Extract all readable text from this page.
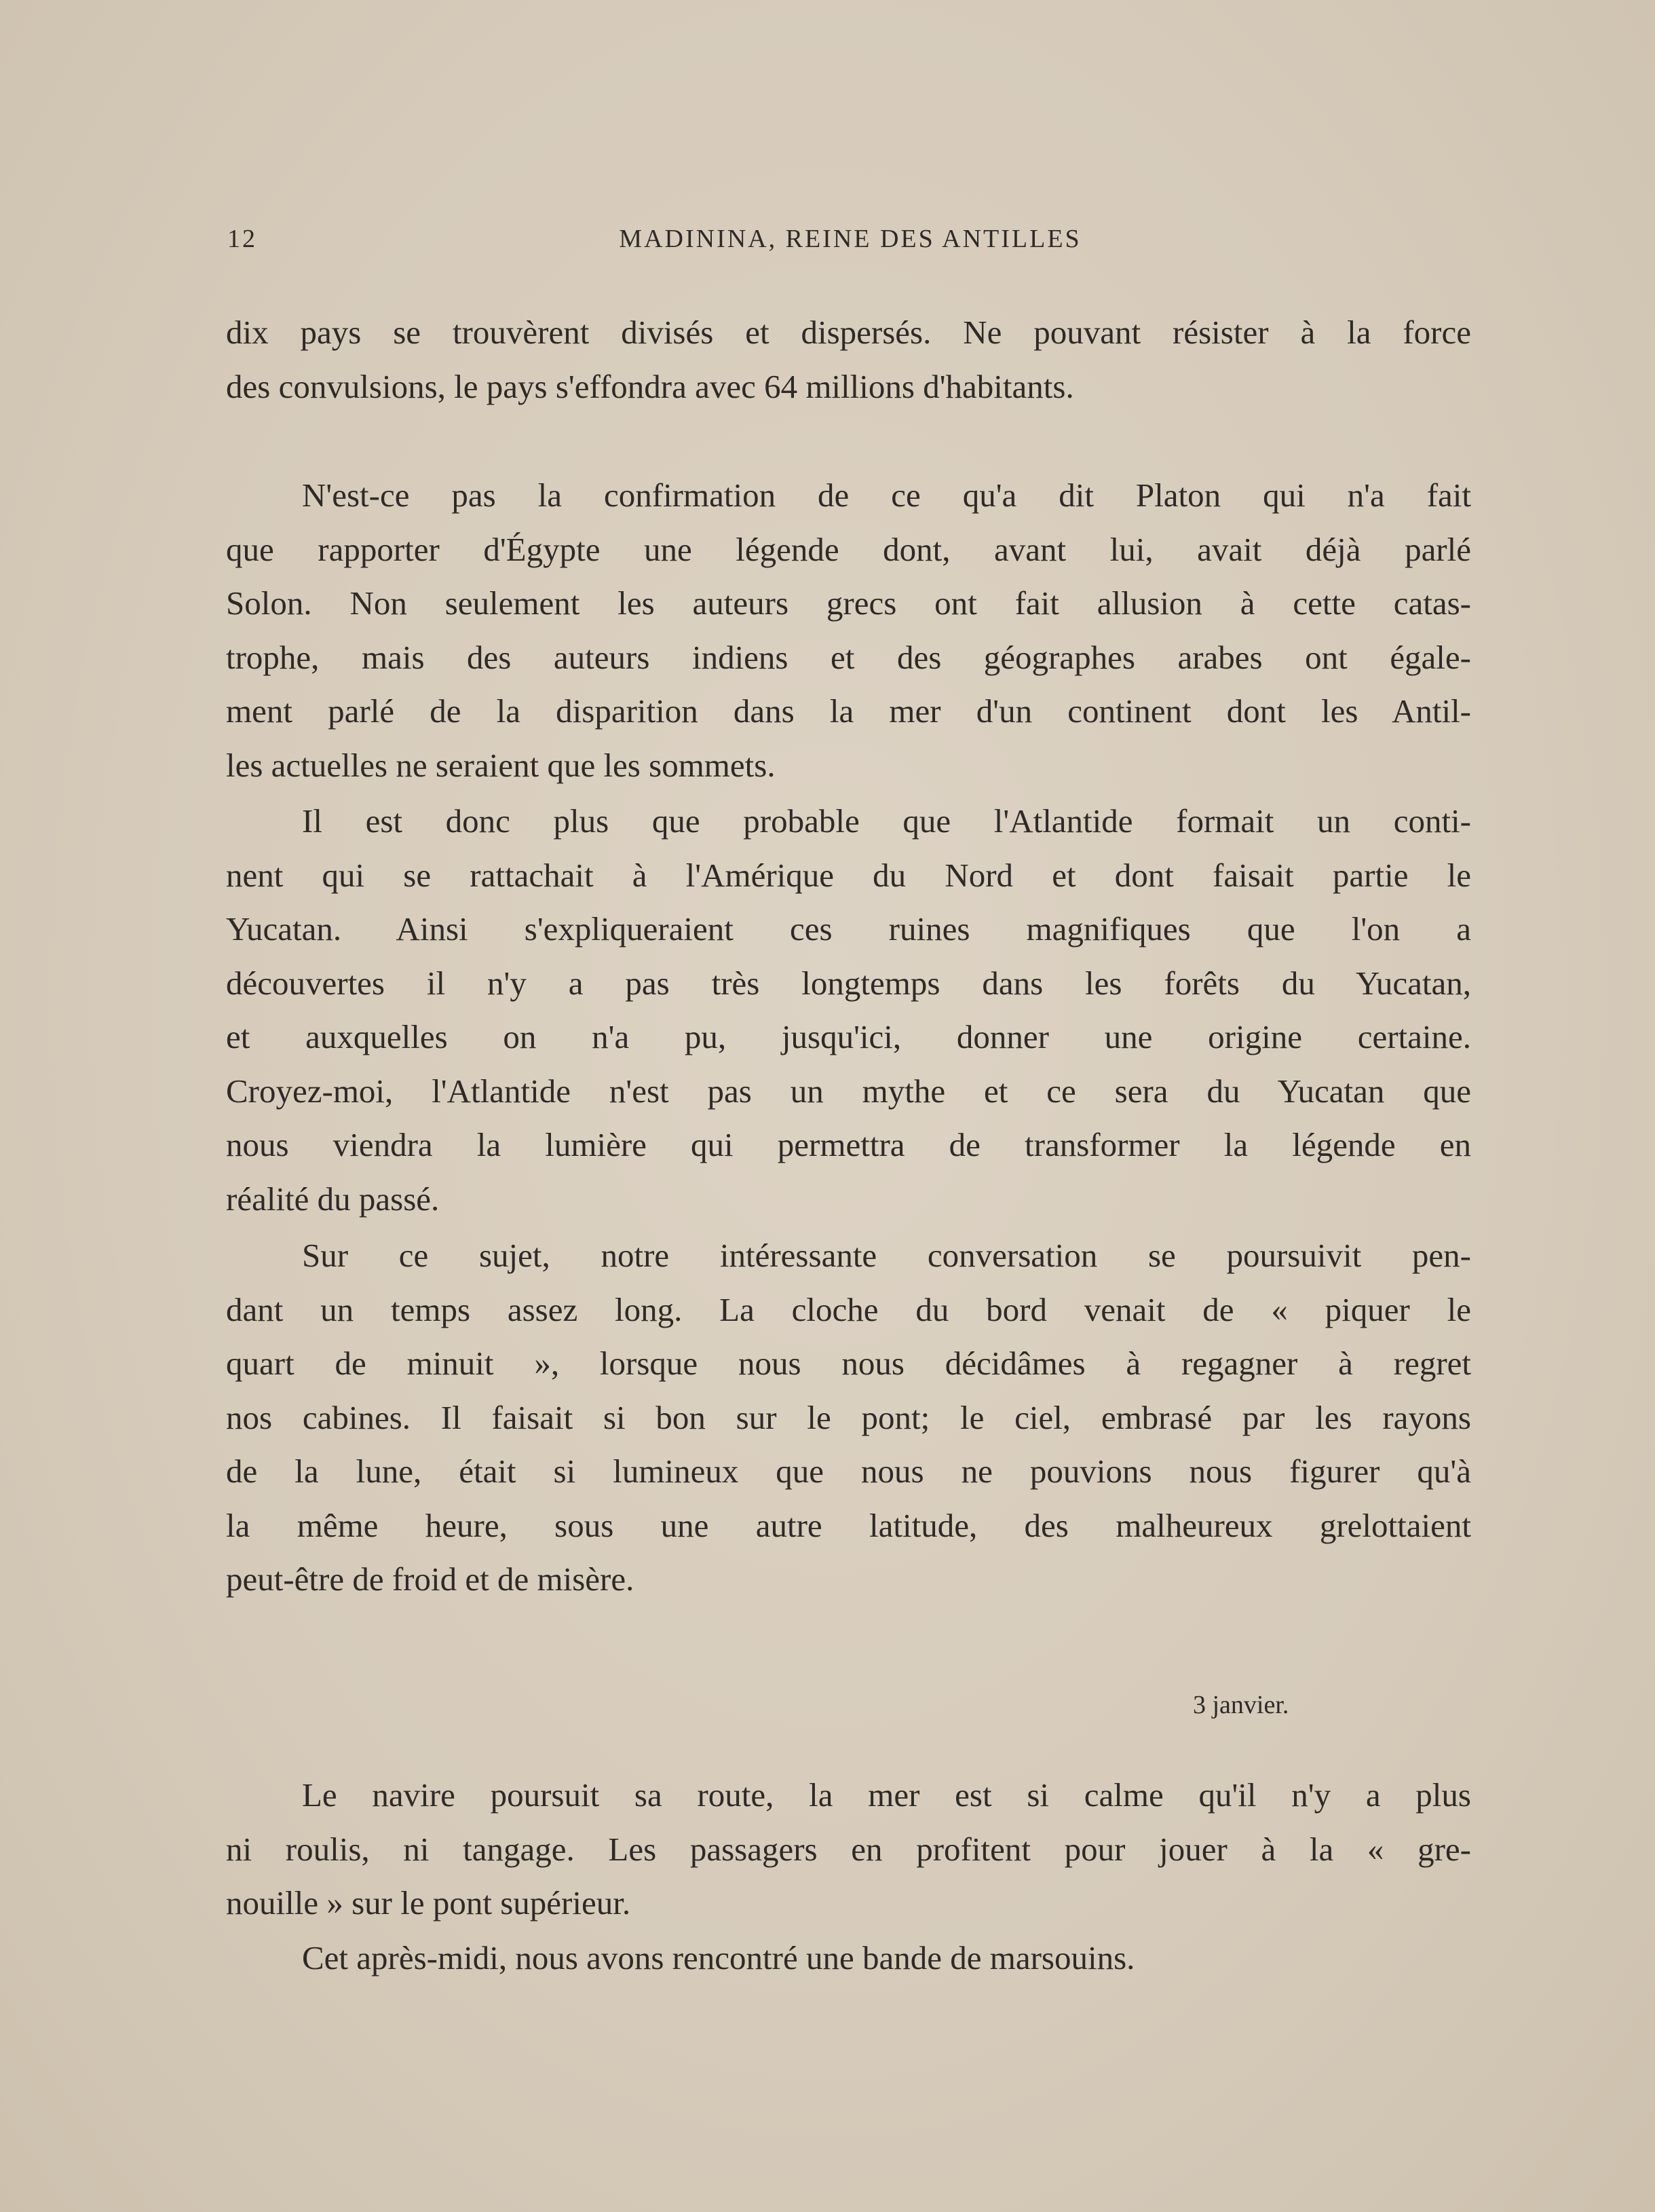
12	MADININA, REINE DES ANTILLES
dix pays se trouvèrent divisés et dispersés. Ne pouvant résister à la force
des convulsions, le pays s'effondra avec 64 millions d'habitants.
N'est-ce pas la confirmation de ce qu'a dit Platon qui n'a fait
que rapporter d'Égypte une légende dont, avant lui, avait déjà parlé
Solon. Non seulement les auteurs grecs ont fait allusion à cette catas-
trophe, mais des auteurs indiens et des géographes arabes ont égale-
ment parlé de la disparition dans la mer d'un continent dont les Antil-
les actuelles ne seraient que les sommets.
Il est donc plus que probable que l'Atlantide formait un conti-
nent qui se rattachait à l'Amérique du Nord et dont faisait partie le
Yucatan. Ainsi s'expliqueraient ces ruines magnifiques que l'on a
découvertes il n'y a pas très longtemps dans les forêts du Yucatan,
et auxquelles on n'a pu, jusqu'ici, donner une origine certaine.
Croyez-moi, l'Atlantide n'est pas un mythe et ce sera du Yucatan que
nous viendra la lumière qui permettra de transformer la légende en
réalité du passé.
Sur ce sujet, notre intéressante conversation se poursuivit pen-
dant un temps assez long. La cloche du bord venait de « piquer le
quart de minuit », lorsque nous nous décidâmes à regagner à regret
nos cabines. Il faisait si bon sur le pont; le ciel, embrasé par les rayons
de la lune, était si lumineux que nous ne pouvions nous figurer qu'à
la même heure, sous une autre latitude, des malheureux grelottaient
peut-être de froid et de misère.
Le navire poursuit sa route, la mer est si calme qu'il n'y a plus
ni roulis, ni tangage. Les passagers en profitent pour jouer à la « gre-
nouille » sur le pont supérieur.
Cet après-midi, nous avons rencontré une bande de marsouins.
3 janvier.
